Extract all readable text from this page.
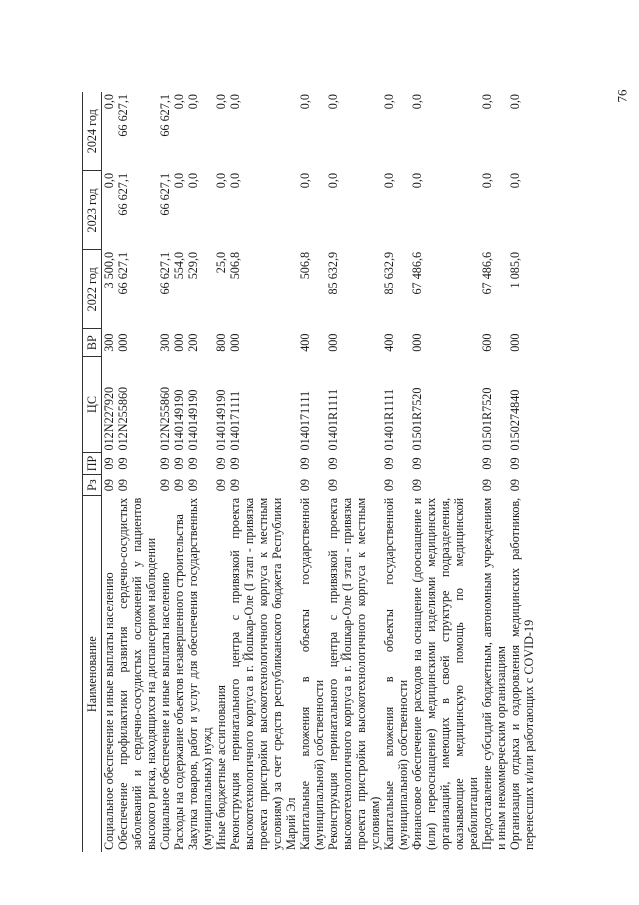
76
Наименование	Рз	ПР	ЦС	ВР	2022 год	2023 год	2024 год
Социальное обеспечение и иные выплаты населению	09	09	012N227920	300	3 500,0	0,0	0,0
Обеспечение профилактики развития сердечно-сосудистых заболеваний и сердечно-сосудистых осложнений у пациентов высокого риска, находящихся на диспансерном наблюдении	09	09	012N255860	000	66 627,1	66 627,1	66 627,1
Социальное обеспечение и иные выплаты населению	09	09	012N255860	300	66 627,1	66 627,1	66 627,1
Расходы на содержание объектов незавершенного строительства	09	09	0140149190	000	554,0	0,0	0,0
Закупка товаров, работ и услуг для обеспечения государственных (муниципальных) нужд	09	09	0140149190	200	529,0	0,0	0,0
Иные бюджетные ассигнования	09	09	0140149190	800	25,0	0,0	0,0
Реконструкция перинатального центра с привязкой проекта высокотехнологичного корпуса в г. Йошкар-Оле (I этап - привязка проекта пристройки высокотехнологичного корпуса к местным условиям) за счет средств республиканского бюджета Республики Марий Эл	09	09	0140171111	000	506,8	0,0	0,0
Капитальные вложения в объекты государственной (муниципальной) собственности	09	09	0140171111	400	506,8	0,0	0,0
Реконструкция перинатального центра с привязкой проекта высокотехнологичного корпуса в г. Йошкар-Оле (I этап - привязка проекта пристройки высокотехнологичного корпуса к местным условиям)	09	09	01401R1111	000	85 632,9	0,0	0,0
Капитальные вложения в объекты государственной (муниципальной) собственности	09	09	01401R1111	400	85 632,9	0,0	0,0
Финансовое обеспечение расходов на оснащение (дооснащение и (или) переоснащение) медицинскими изделиями медицинских организаций, имеющих в своей структуре подразделения, оказывающие медицинскую помощь по медицинской реабилитации	09	09	01501R7520	000	67 486,6	0,0	0,0
Предоставление субсидий бюджетным, автономным учреждениям и иным некоммерческим организациям	09	09	01501R7520	600	67 486,6	0,0	0,0
Организация отдыха и оздоровления медицинских работников, перенесших и/или работающих с COVID-19	09	09	0150274840	000	1 085,0	0,0	0,0
